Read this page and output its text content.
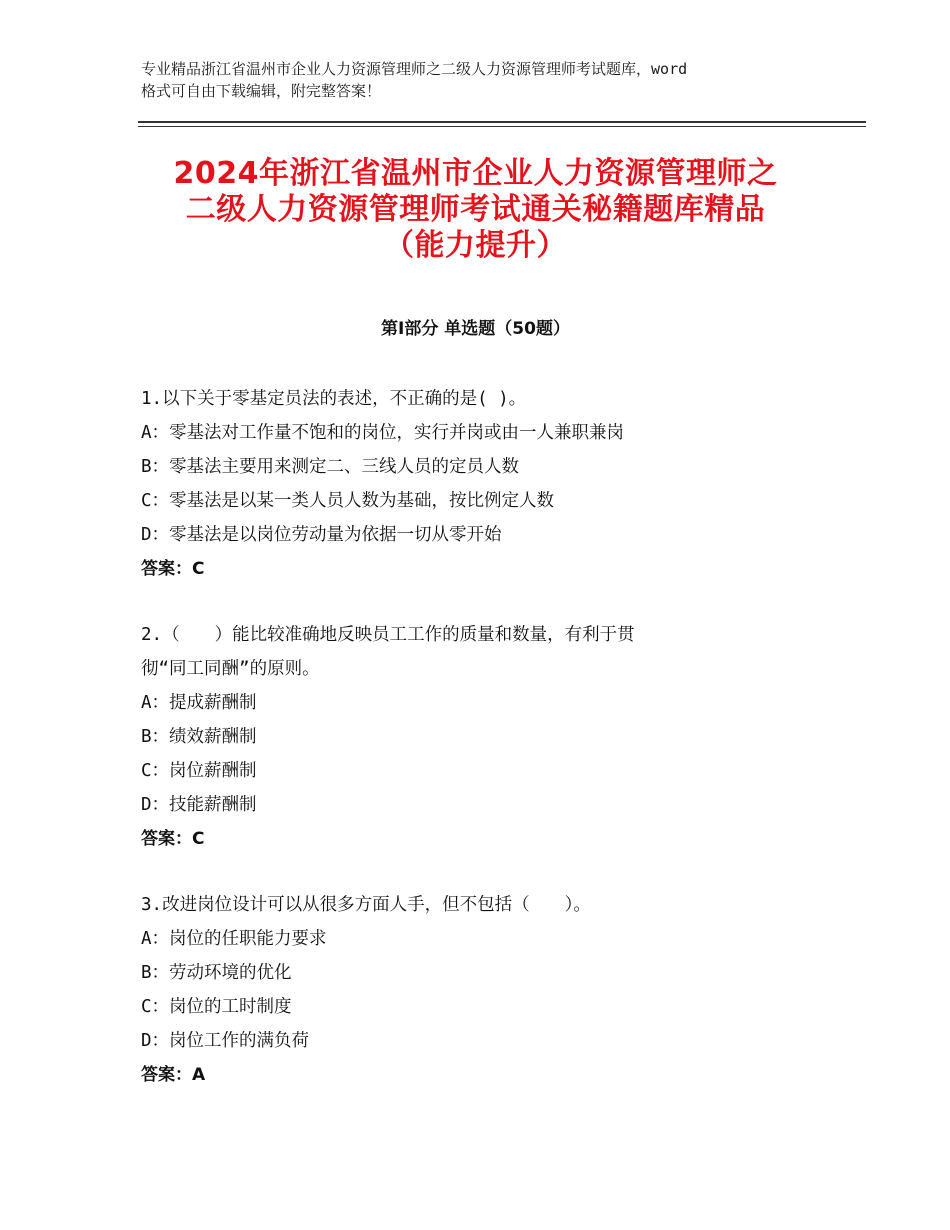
专业精品浙江省温州市企业人力资源管理师之二级人力资源管理师考试题库，word
格式可自由下载编辑，附完整答案！
2024年浙江省温州市企业人力资源管理师之
二级人力资源管理师考试通关秘籍题库精品
（能力提升）
第Ⅰ部分 单选题（50题）
1.以下关于零基定员法的表述，不正确的是( )。
A：零基法对工作量不饱和的岗位，实行并岗或由一人兼职兼岗
B：零基法主要用来测定二、三线人员的定员人数
C：零基法是以某一类人员人数为基础，按比例定人数
D：零基法是以岗位劳动量为依据一切从零开始
答案：C
2.（　　）能比较准确地反映员工工作的质量和数量，有利于贯
彻“同工同酬”的原则。
A：提成薪酬制
B：绩效薪酬制
C：岗位薪酬制
D：技能薪酬制
答案：C
3.改进岗位设计可以从很多方面人手，但不包括（　　）。
A：岗位的任职能力要求
B：劳动环境的优化
C：岗位的工时制度
D：岗位工作的满负荷
答案：A
